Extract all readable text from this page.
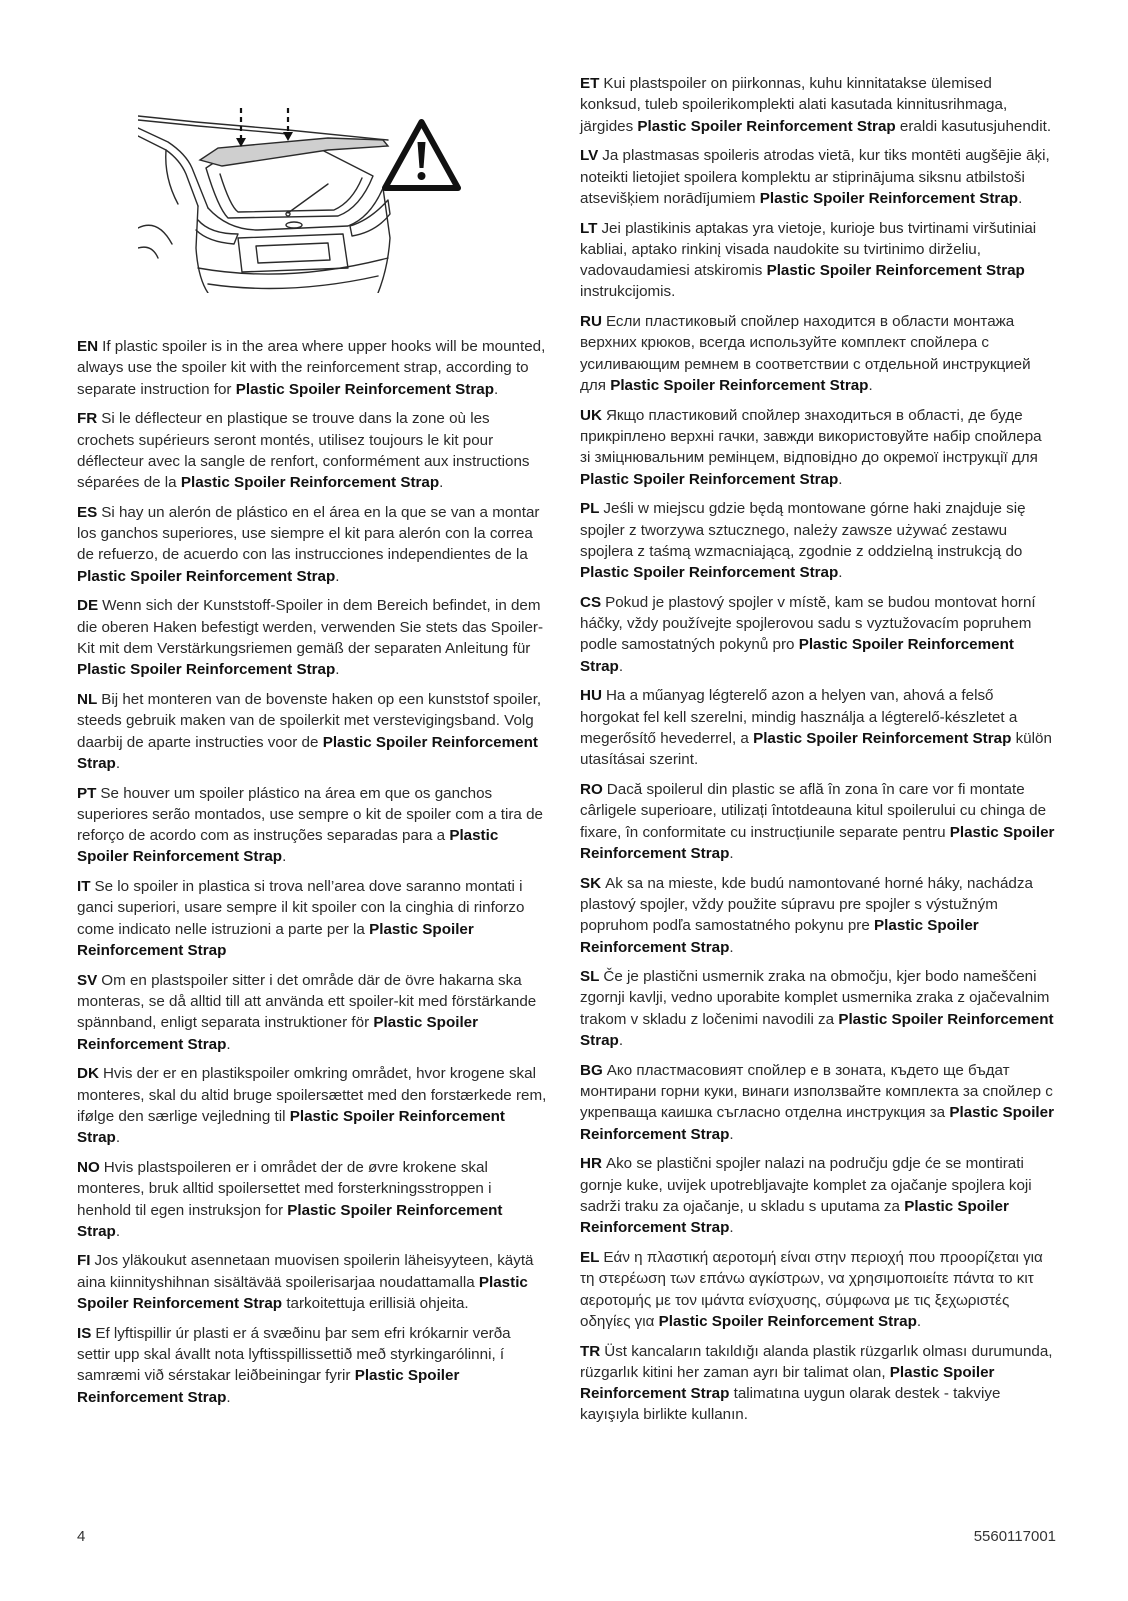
EN If plastic spoiler is in the area where upper hooks will be mounted, always use the spoiler kit with the reinforcement strap, according to separate instruction for Plastic Spoiler Reinforcement Strap.

FR Si le déflecteur en plastique se trouve dans la zone où les crochets supérieurs seront montés, utilisez toujours le kit pour déflecteur avec la sangle de renfort, conformément aux instructions séparées de la Plastic Spoiler Reinforcement Strap.

ES Si hay un alerón de plástico en el área en la que se van a montar los ganchos superiores, use siempre el kit para alerón con la correa de refuerzo, de acuerdo con las instrucciones independientes de la Plastic Spoiler Reinforcement Strap.

DE Wenn sich der Kunststoff-Spoiler in dem Bereich befindet, in dem die oberen Haken befestigt werden, verwenden Sie stets das Spoiler-Kit mit dem Verstärkungsriemen gemäß der separaten Anleitung für Plastic Spoiler Reinforcement Strap.

NL Bij het monteren van de bovenste haken op een kunststof spoiler, steeds gebruik maken van de spoilerkit met verstevigingsband. Volg daarbij de aparte instructies voor de Plastic Spoiler Reinforcement Strap.

PT Se houver um spoiler plástico na área em que os ganchos superiores serão montados, use sempre o kit de spoiler com a tira de reforço de acordo com as instruções separadas para a Plastic Spoiler Reinforcement Strap.

IT Se lo spoiler in plastica si trova nell’area dove saranno montati i ganci superiori, usare sempre il kit spoiler con la cinghia di rinforzo come indicato nelle istruzioni a parte per la Plastic Spoiler Reinforcement Strap

SV Om en plastspoiler sitter i det område där de övre hakarna ska monteras, se då alltid till att använda ett spoiler-kit med förstärkande spännband, enligt separata instruktioner för Plastic Spoiler Reinforcement Strap.

DK Hvis der er en plastikspoiler omkring området, hvor krogene skal monteres, skal du altid bruge spoilersættet med den forstærkede rem, ifølge den særlige vejledning til Plastic Spoiler Reinforcement Strap.

NO Hvis plastspoileren er i området der de øvre krokene skal monteres, bruk alltid spoilersettet med forsterkningsstroppen i henhold til egen instruksjon for Plastic Spoiler Reinforcement Strap.

FI Jos yläkoukut asennetaan muovisen spoilerin läheisyyteen, käytä aina kiinnityshihnan sisältävää spoilerisarjaa noudattamalla Plastic Spoiler Reinforcement Strap tarkoitettuja erillisiä ohjeita.

IS Ef lyftispillir úr plasti er á svæðinu þar sem efri krókarnir verða settir upp skal ávallt nota lyftisspillissettið með styrkingarólinni, í samræmi við sérstakar leiðbeiningar fyrir Plastic Spoiler Reinforcement Strap.

ET Kui plastspoiler on piirkonnas, kuhu kinnitatakse ülemised konksud, tuleb spoilerikomplekti alati kasutada kinnitusrihmaga, järgides Plastic Spoiler Reinforcement Strap eraldi kasutusjuhendit.

LV Ja plastmasas spoileris atrodas vietā, kur tiks montēti augšējie āķi, noteikti lietojiet spoilera komplektu ar stiprinājuma siksnu atbilstoši atsevišķiem norādījumiem Plastic Spoiler Reinforcement Strap.

LT Jei plastikinis aptakas yra vietoje, kurioje bus tvirtinami viršutiniai kabliai, aptako rinkinį visada naudokite su tvirtinimo dirželiu, vadovaudamiesi atskiromis Plastic Spoiler Reinforcement Strap instrukcijomis.

RU Если пластиковый спойлер находится в области монтажа верхних крюков, всегда используйте комплект спойлера с усиливающим ремнем в соответствии с отдельной инструкцией для Plastic Spoiler Reinforcement Strap.

UK Якщо пластиковий спойлер знаходиться в області, де буде прикріплено верхні гачки, завжди використовуйте набір спойлера зі зміцнювальним ремінцем, відповідно до окремої інструкції для Plastic Spoiler Reinforcement Strap.

PL Jeśli w miejscu gdzie będą montowane górne haki znajduje się spojler z tworzywa sztucznego, należy zawsze używać zestawu spojlera z taśmą wzmacniającą, zgodnie z oddzielną instrukcją do Plastic Spoiler Reinforcement Strap.

CS Pokud je plastový spojler v místě, kam se budou montovat horní háčky, vždy používejte spojlerovou sadu s vyztužovacím popruhem podle samostatných pokynů pro Plastic Spoiler Reinforcement Strap.

HU Ha a műanyag légterelő azon a helyen van, ahová a felső horgokat fel kell szerelni, mindig használja a légterelő-készletet a megerősítő hevederrel, a Plastic Spoiler Reinforcement Strap külön utasításai szerint.

RO Dacă spoilerul din plastic se află în zona în care vor fi montate cârligele superioare, utilizați întotdeauna kitul spoilerului cu chinga de fixare, în conformitate cu instrucțiunile separate pentru Plastic Spoiler Reinforcement Strap.

SK Ak sa na mieste, kde budú namontované horné háky, nachádza plastový spojler, vždy použite súpravu pre spojler s výstužným popruhom podľa samostatného pokynu pre Plastic Spoiler Reinforcement Strap.

SL Če je plastični usmernik zraka na območju, kjer bodo nameščeni zgornji kavlji, vedno uporabite komplet usmernika zraka z ojačevalnim trakom v skladu z ločenimi navodili za Plastic Spoiler Reinforcement Strap.

BG Ако пластмасовият спойлер е в зоната, където ще бъдат монтирани горни куки, винаги използвайте комплекта за спойлер с укрепваща каишка съгласно отделна инструкция за Plastic Spoiler Reinforcement Strap.

HR Ako se plastični spojler nalazi na području gdje će se montirati gornje kuke, uvijek upotrebljavajte komplet za ojačanje spojlera koji sadrži traku za ojačanje, u skladu s uputama za Plastic Spoiler Reinforcement Strap.

EL Εάν η πλαστική αεροτομή είναι στην περιοχή που προορίζεται για τη στερέωση των επάνω αγκίστρων, να χρησιμοποιείτε πάντα το κιτ αεροτομής με τον ιμάντα ενίσχυσης, σύμφωνα με τις ξεχωριστές οδηγίες για Plastic Spoiler Reinforcement Strap.

TR Üst kancaların takıldığı alanda plastik rüzgarlık olması durumunda, rüzgarlık kitini her zaman ayrı bir talimat olan, Plastic Spoiler Reinforcement Strap talimatına uygun olarak destek - takviye kayışıyla birlikte kullanın.

4	5560117001
